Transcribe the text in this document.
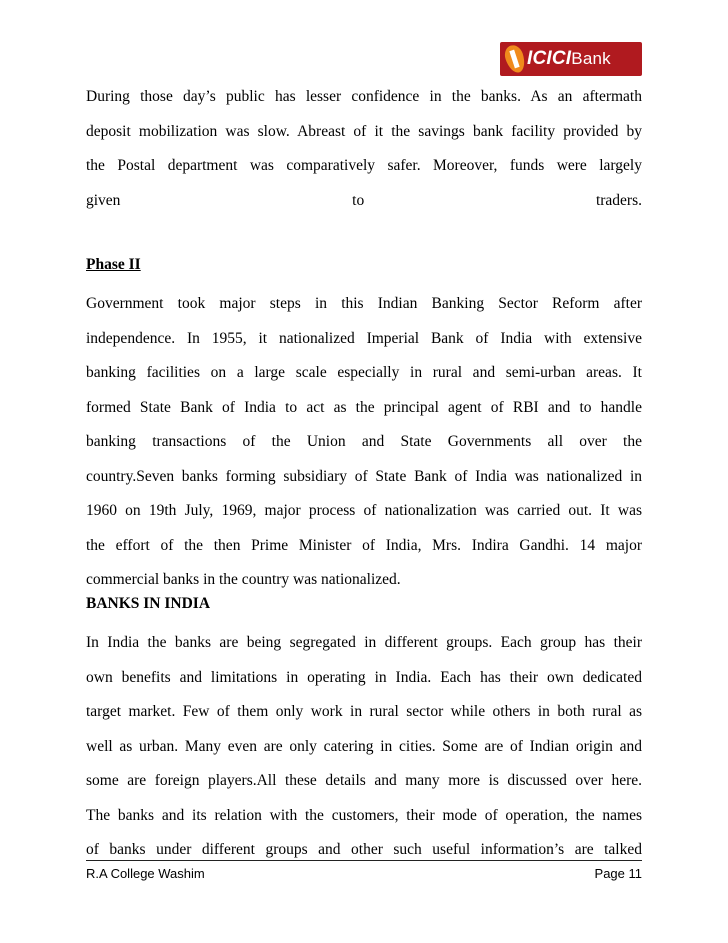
ICICIBank
During those day’s public has lesser confidence in the banks. As an aftermath
deposit mobilization was slow. Abreast of it the savings bank facility provided by
the Postal department was comparatively safer. Moreover, funds were largely
given	to	traders.
Phase II
Government took major steps in this Indian Banking Sector Reform after
independence. In 1955, it nationalized Imperial Bank of India with extensive
banking facilities on a large scale especially in rural and semi-urban areas. It
formed State Bank of India to act as the principal agent of RBI and to handle
banking transactions of the Union and State Governments all over the
country.Seven banks forming subsidiary of State Bank of India was nationalized in
1960 on 19th July, 1969, major process of nationalization was carried out. It was
the effort of the then Prime Minister of India, Mrs. Indira Gandhi. 14 major
commercial banks in the country was nationalized.
BANKS IN INDIA
In India the banks are being segregated in different groups. Each group has their
own benefits and limitations in operating in India. Each has their own dedicated
target market. Few of them only work in rural sector while others in both rural as
well as urban. Many even are only catering in cities. Some are of Indian origin and
some are foreign players.All these details and many more is discussed over here.
The banks and its relation with the customers, their mode of operation, the names
of banks under different groups and other such useful information’s are talked
R.A College Washim	Page 11
